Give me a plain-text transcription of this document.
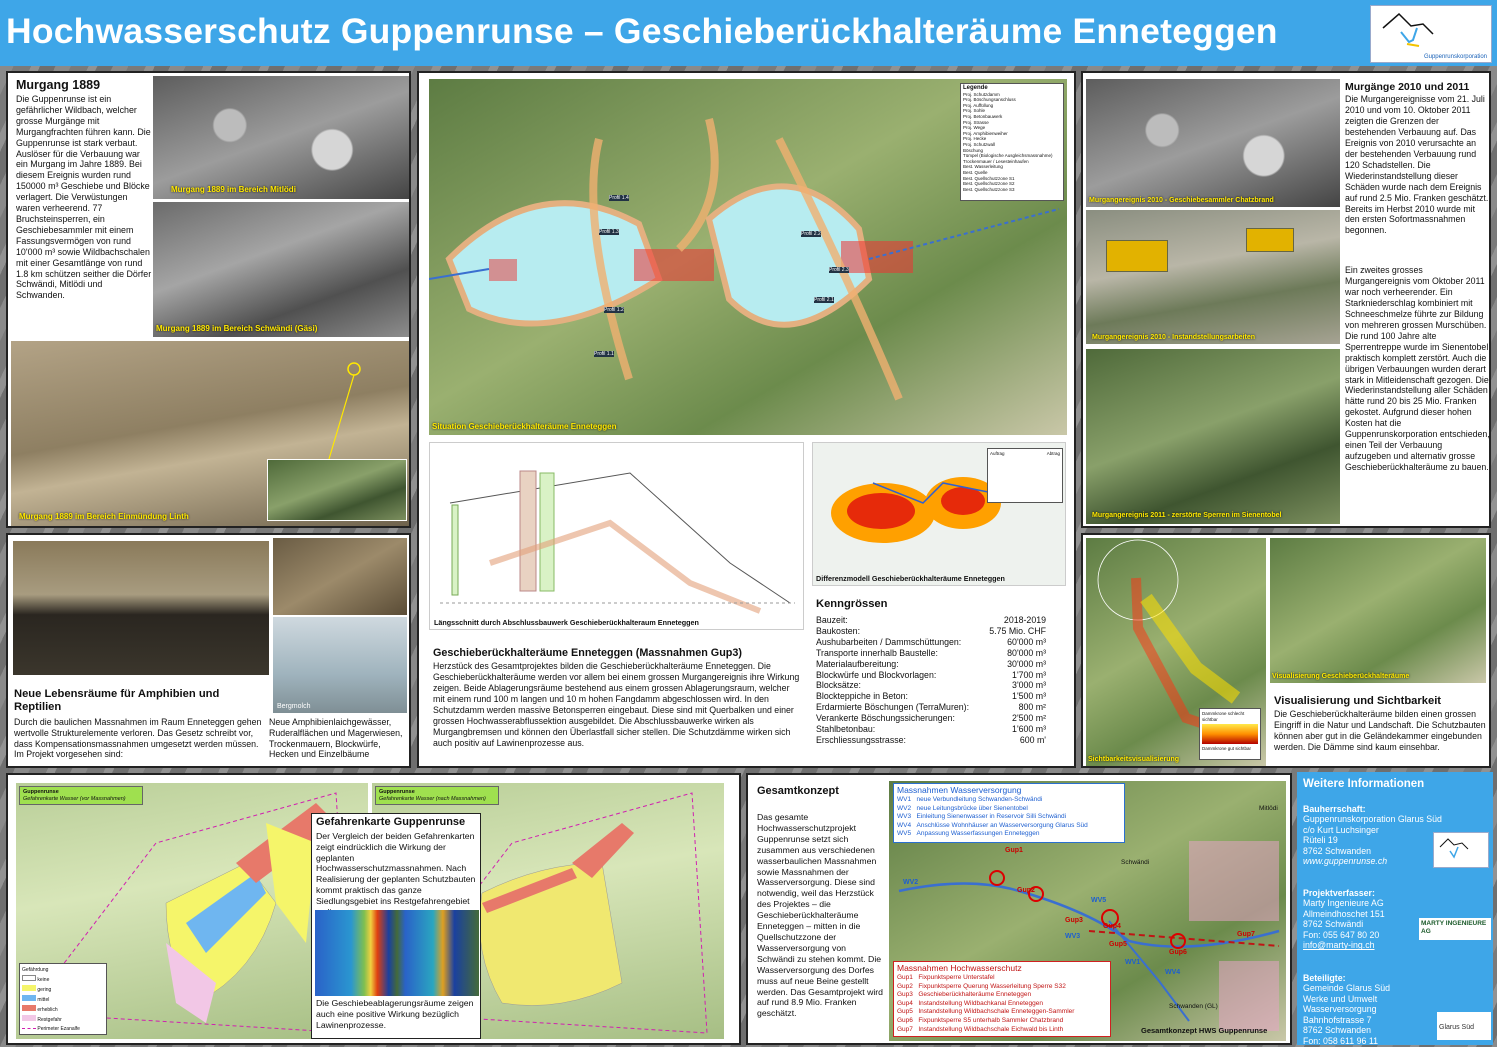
Hochwasserschutz Guppenrunse – Geschieberückhalteräume Enneteggen
Guppenrunskorporation
Murgang 1889
Die Guppenrunse ist ein gefährlicher Wildbach, welcher grosse Murgänge mit Murgangfrachten führen kann. Die Guppenrunse ist stark verbaut. Auslöser für die Verbauung war ein Murgang im Jahre 1889. Bei diesem Ereignis wurden rund 150000 m³ Geschiebe und Blöcke verlagert. Die Verwüstungen waren verheerend. 77 Bruchsteinsperren, ein Geschiebesammler mit einem Fassungsvermögen von rund 10'000 m³ sowie Wildbachschalen mit einer Gesamtlänge von rund 1.8 km schützen seither die Dörfer Schwändi, Mitlödi und Schwanden.
Murgang 1889 im Bereich Mitlödi
Murgang 1889 im Bereich Schwändi (Gäsi)
Murgang 1889 im Bereich Einmündung Linth
Bergmolch
Neue Lebensräume für Amphibien und Reptilien
Durch die baulichen Massnahmen im Raum Enneteggen gehen wertvolle Strukturelemente verloren. Das Gesetz schreibt vor, dass Kompensationsmassnahmen umgesetzt werden müssen. Im Projekt vorgesehen sind:
Neue Amphibienlaichgewässer, Ruderalflächen und Magerwiesen, Trockenmauern, Blockwürfe, Hecken und Einzelbäume
Legende
Proj. Schutzdamm
Proj. Böschungsanschluss
Proj. Auffüllung
Proj. Sohle
Proj. Betonbauwerk
Proj. Strasse
Proj. Wege
Proj. Amphibienweiher
Proj. Hecke
Proj. Schutzwall
Böschung
Tümpel (Biologische Ausgleichsmassnahme)
Trockenmauer / Lesesteinhaufen
Best. Wasserleitung
Best. Quelle
Best. Quellschutzzone S1
Best. Quellschutzzone S2
Best. Quellschutzzone S3
Profil 1.1
Profil 1.2
Profil 1.3
Profil 1.4
Profil 2.1
Profil 2.2
Profil 2.3
Situation Geschieberückhalteräume Enneteggen
Längsschnitt durch Abschlussbauwerk Geschieberückhalteraum Enneteggen
Auftrag	Abtrag
Differenzmodell Geschieberückhalteräume Enneteggen
Geschieberückhalteräume Enneteggen (Massnahmen Gup3)
Herzstück des Gesamtprojektes bilden die Geschieberückhalteräume Enneteggen. Die Geschieberückhalteräume werden vor allem bei einem grossen Murgangereignis ihre Wirkung zeigen. Beide Ablagerungsräume bestehend aus einem grossen Ablagerungsraum, welcher mit einem rund 100 m langen und 10 m hohen Fangdamm abgeschlossen wird. In den Schutzdamm werden massive Betonsperren eingebaut. Diese sind mit Querbalken und einer grossen Hochwasserabflussektion ausgebildet. Die Abschlussbauwerke wirken als Murgangbremsen und können den Überlastfall sicher stellen. Die Schutzdämme wirken sich auch positiv auf Lawinenprozesse aus.
Kenngrössen
Bauzeit:	2018-2019
Baukosten:	5.75 Mio. CHF
Aushubarbeiten / Dammschüttungen:	60'000 m³
Transporte innerhalb Baustelle:	80'000 m³
Materialaufbereitung:	30'000 m³
Blockwürfe und Blockvorlagen:	1'700 m³
Blocksätze:	3'000 m³
Blockteppiche in Beton:	1'500 m³
Erdarmierte Böschungen (TerraMuren):	800 m²
Verankerte Böschungssicherungen:	2'500 m²
Stahlbetonbau:	1'600 m³
Erschliessungsstrasse:	600 m'
Murgangereignis 2010 - Geschiebesammler Chatzbrand
Murgangereignis 2010 - Instandstellungsarbeiten
Murgangereignis 2011 - zerstörte Sperren im Sienentobel
Murgänge 2010 und 2011
Die Murgangereignisse vom 21. Juli 2010 und vom 10. Oktober 2011 zeigten die Grenzen der bestehenden Verbauung auf. Das Ereignis von 2010 verursachte an der bestehenden Verbauung rund 120 Schadstellen. Die Wiederinstandstellung dieser Schäden wurde nach dem Ereignis auf rund 2.5 Mio. Franken geschätzt. Bereits im Herbst 2010 wurde mit den ersten Sofortmassnahmen begonnen.
Ein zweites grosses Murgangereignis vom Oktober 2011 war noch verheerender. Ein Starkniederschlag kombiniert mit Schneeschmelze führte zur Bildung von mehreren grossen Murschüben. Die rund 100 Jahre alte Sperrentreppe wurde im Sienentobel praktisch komplett zerstört. Auch die übrigen Verbauungen wurden derart stark in Mitleidenschaft gezogen. Die Wiederinstandstellung aller Schäden hätte rund 20 bis 25 Mio. Franken gekostet. Aufgrund dieser hohen Kosten hat die Guppenrunskorporation entschieden, einen Teil der Verbauung aufzugeben und alternativ grosse Geschieberückhalteräume zu bauen.
Dammkrone schlecht sichtbar
Dammkrone gut sichtbar
Sichtbarkeitsvisualisierung
Visualisierung Geschieberückhalteräume
Visualisierung und Sichtbarkeit
Die Geschieberückhalteräume bilden einen grossen Eingriff in die Natur und Landschaft. Die Schutzbauten können aber gut in die Geländekammer eingebunden werden. Die Dämme sind kaum einsehbar.
Guppenrunse
Gefahrenkarte Wasser (vor Massnahmen)
Gefährdung
keine
gering
mittel
erheblich
Restgefahr
Perimeter Ezanalfe
Guppenrunse
Gefahrenkarte Wasser (nach Massnahmen)
Gefahrenkarte Guppenrunse
Der Vergleich der beiden Gefahrenkarten zeigt eindrücklich die Wirkung der geplanten Hochwasserschutzmassnahmen. Nach Realisierung der geplanten Schutzbauten kommt praktisch das ganze Siedlungsgebiet ins Restgefahrengebiet
Die Geschiebeablagerungsräume zeigen auch eine positive Wirkung bezüglich Lawinenprozesse.
Gesamtkonzept
Das gesamte Hochwasserschutzprojekt Guppenrunse setzt sich zusammen aus verschiedenen wasserbaulichen Massnahmen sowie Massnahmen der Wasserversorgung. Diese sind notwendig, weil das Herzstück des Projektes – die Geschieberückhalteräume Enneteggen – mitten in die Quellschutzzone der Wasserversorgung von Schwändi zu stehen kommt. Die Wasserversorgung des Dorfes muss auf neue Beine gestellt werden. Das Gesamtprojekt wird auf rund 8.9 Mio. Franken geschätzt.
Gup1
Gup2
Gup3
Gup4
Gup5
Gup6
Gup7
WV1
WV2
WV3
WV4
WV5
Schwändi
Schwanden (GL)
Mitlödi
Gesamtkonzept HWS Guppenrunse
Massnahmen Wasserversorgung
WV1 neue Verbundleitung Schwanden-Schwändi
WV2 neue Leitungsbrücke über Sienentobel
WV3 Einleitung Sienenwasser in Reservoir Silli Schwändi
WV4 Anschlüsse Wohnhäuser an Wasserversorgung Glarus Süd
WV5 Anpassung Wasserfassungen Enneteggen
Massnahmen Hochwasserschutz
Gup1 Fixpunktsperre Unterstafel
Gup2 Fixpunktsperre Querung Wasserleitung Sperre S32
Gup3 Geschieberückhalteräume Enneteggen
Gup4 Instandstellung Wildbachkanal Enneteggen
Gup5 Instandstellung Wildbachschale Enneteggen-Sammler
Gup6 Fixpunktsperre S5 unterhalb Sammler Chatzbrand
Gup7 Instandstellung Wildbachschale Eichwald bis Linth
Weitere Informationen
Bauherrschaft:
Guppenrunskorporation Glarus Süd
c/o Kurt Luchsinger
Rüteli 19
8762 Schwanden
www.guppenrunse.ch
Projektverfasser:
Marty Ingenieure AG
Allmeindhoschet 151
8762 Schwändi
Fon: 055 647 80 20
info@marty-ing.ch
MARTY INGENIEURE AG
Beteiligte:
Gemeinde Glarus Süd
Werke und Umwelt
Wasserversorgung
Bahnhofstrasse 7
8762 Schwanden
Fon: 058 611 96 11
Glarus Süd
